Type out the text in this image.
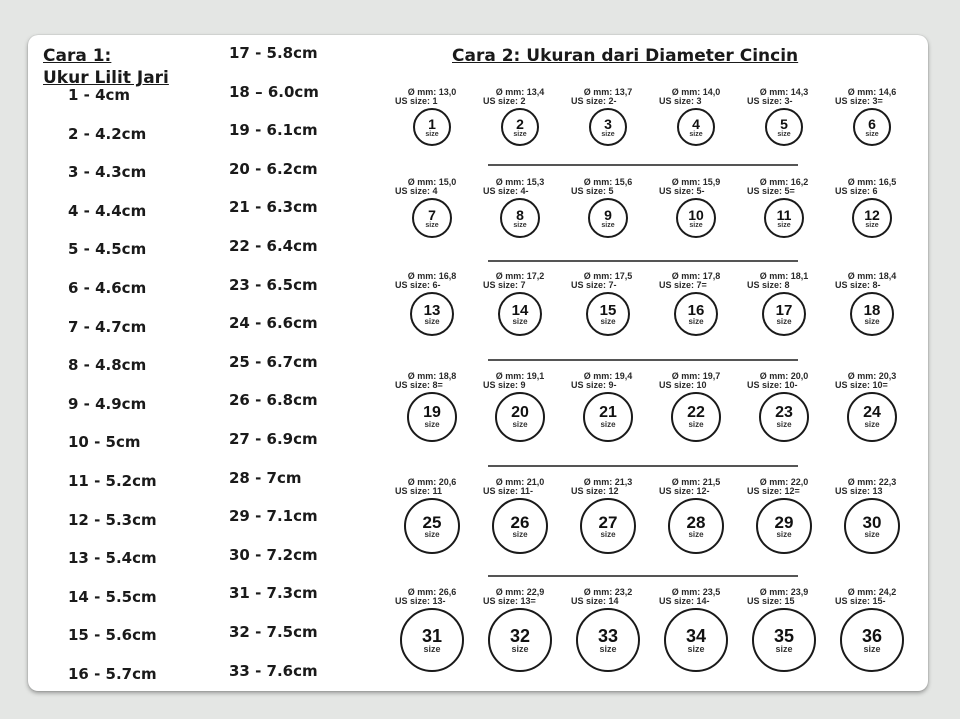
Cara 1:
Ukur Lilit Jari
Cara 2: Ukuran dari Diameter Cincin
1 - 4cm
2 - 4.2cm
3 - 4.3cm
4 - 4.4cm
5 - 4.5cm
6 - 4.6cm
7 - 4.7cm
8 - 4.8cm
9 - 4.9cm
10 - 5cm
11 - 5.2cm
12 - 5.3cm
13 - 5.4cm
14 - 5.5cm
15 - 5.6cm
16 - 5.7cm
17 - 5.8cm
18 – 6.0cm
19 - 6.1cm
20 - 6.2cm
21 - 6.3cm
22 - 6.4cm
23 - 6.5cm
24 - 6.6cm
25 - 6.7cm
26 - 6.8cm
27 - 6.9cm
28 - 7cm
29 - 7.1cm
30 - 7.2cm
31 - 7.3cm
32 - 7.5cm
33 - 7.6cm
Ø mm: 13,0
US size: 1
1
size
Ø mm: 13,4
US size: 2
2
size
Ø mm: 13,7
US size: 2-
3
size
Ø mm: 14,0
US size: 3
4
size
Ø mm: 14,3
US size: 3-
5
size
Ø mm: 14,6
US size: 3=
6
size
Ø mm: 15,0
US size: 4
7
size
Ø mm: 15,3
US size: 4-
8
size
Ø mm: 15,6
US size: 5
9
size
Ø mm: 15,9
US size: 5-
10
size
Ø mm: 16,2
US size: 5=
11
size
Ø mm: 16,5
US size: 6
12
size
Ø mm: 16,8
US size: 6-
13
size
Ø mm: 17,2
US size: 7
14
size
Ø mm: 17,5
US size: 7-
15
size
Ø mm: 17,8
US size: 7=
16
size
Ø mm: 18,1
US size: 8
17
size
Ø mm: 18,4
US size: 8-
18
size
Ø mm: 18,8
US size: 8=
19
size
Ø mm: 19,1
US size: 9
20
size
Ø mm: 19,4
US size: 9-
21
size
Ø mm: 19,7
US size: 10
22
size
Ø mm: 20,0
US size: 10-
23
size
Ø mm: 20,3
US size: 10=
24
size
Ø mm: 20,6
US size: 11
25
size
Ø mm: 21,0
US size: 11-
26
size
Ø mm: 21,3
US size: 12
27
size
Ø mm: 21,5
US size: 12-
28
size
Ø mm: 22,0
US size: 12=
29
size
Ø mm: 22,3
US size: 13
30
size
Ø mm: 26,6
US size: 13-
31
size
Ø mm: 22,9
US size: 13=
32
size
Ø mm: 23,2
US size: 14
33
size
Ø mm: 23,5
US size: 14-
34
size
Ø mm: 23,9
US size: 15
35
size
Ø mm: 24,2
US size: 15-
36
size
